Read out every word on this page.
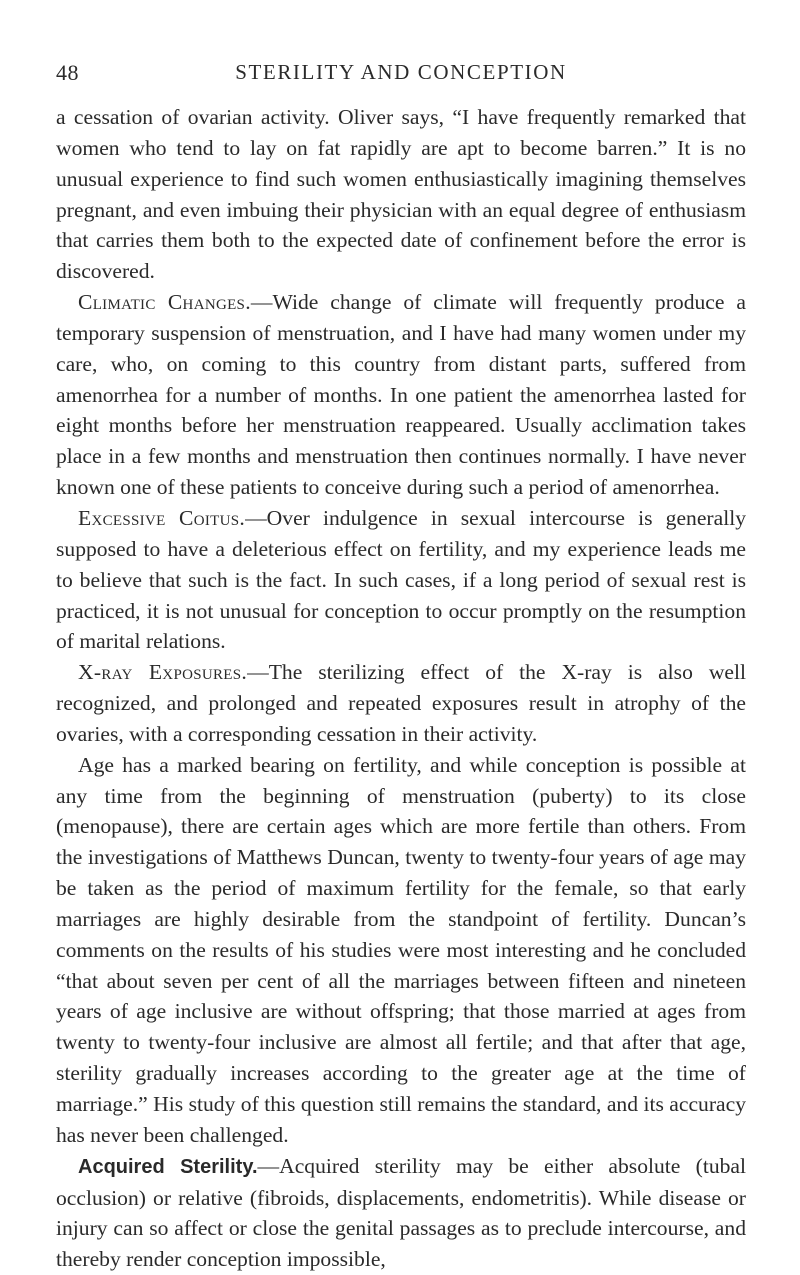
48	STERILITY AND CONCEPTION

a cessation of ovarian activity. Oliver says, “I have frequently remarked that women who tend to lay on fat rapidly are apt to become barren.” It is no unusual experience to find such women enthusiastically imagining themselves pregnant, and even imbuing their physician with an equal degree of enthusiasm that carries them both to the expected date of confinement before the error is discovered.

Climatic Changes.—Wide change of climate will frequently produce a temporary suspension of menstruation, and I have had many women under my care, who, on coming to this country from distant parts, suffered from amenorrhea for a number of months. In one patient the amenorrhea lasted for eight months before her menstruation reappeared. Usually acclimation takes place in a few months and menstruation then continues normally. I have never known one of these patients to conceive during such a period of amenorrhea.

Excessive Coitus.—Over indulgence in sexual intercourse is generally supposed to have a deleterious effect on fertility, and my experience leads me to believe that such is the fact. In such cases, if a long period of sexual rest is practiced, it is not unusual for conception to occur promptly on the resumption of marital relations.

X-ray Exposures.—The sterilizing effect of the X-ray is also well recognized, and prolonged and repeated exposures result in atrophy of the ovaries, with a corresponding cessation in their activity.

Age has a marked bearing on fertility, and while conception is possible at any time from the beginning of menstruation (puberty) to its close (menopause), there are certain ages which are more fertile than others. From the investigations of Matthews Duncan, twenty to twenty-four years of age may be taken as the period of maximum fertility for the female, so that early marriages are highly desirable from the standpoint of fertility. Duncan’s comments on the results of his studies were most interesting and he concluded “that about seven per cent of all the marriages between fifteen and nineteen years of age inclusive are without offspring; that those married at ages from twenty to twenty-four inclusive are almost all fertile; and that after that age, sterility gradually increases according to the greater age at the time of marriage.” His study of this question still remains the standard, and its accuracy has never been challenged.

Acquired Sterility.—Acquired sterility may be either absolute (tubal occlusion) or relative (fibroids, displacements, endometritis). While disease or injury can so affect or close the genital passages as to preclude intercourse, and thereby render conception impossible,
